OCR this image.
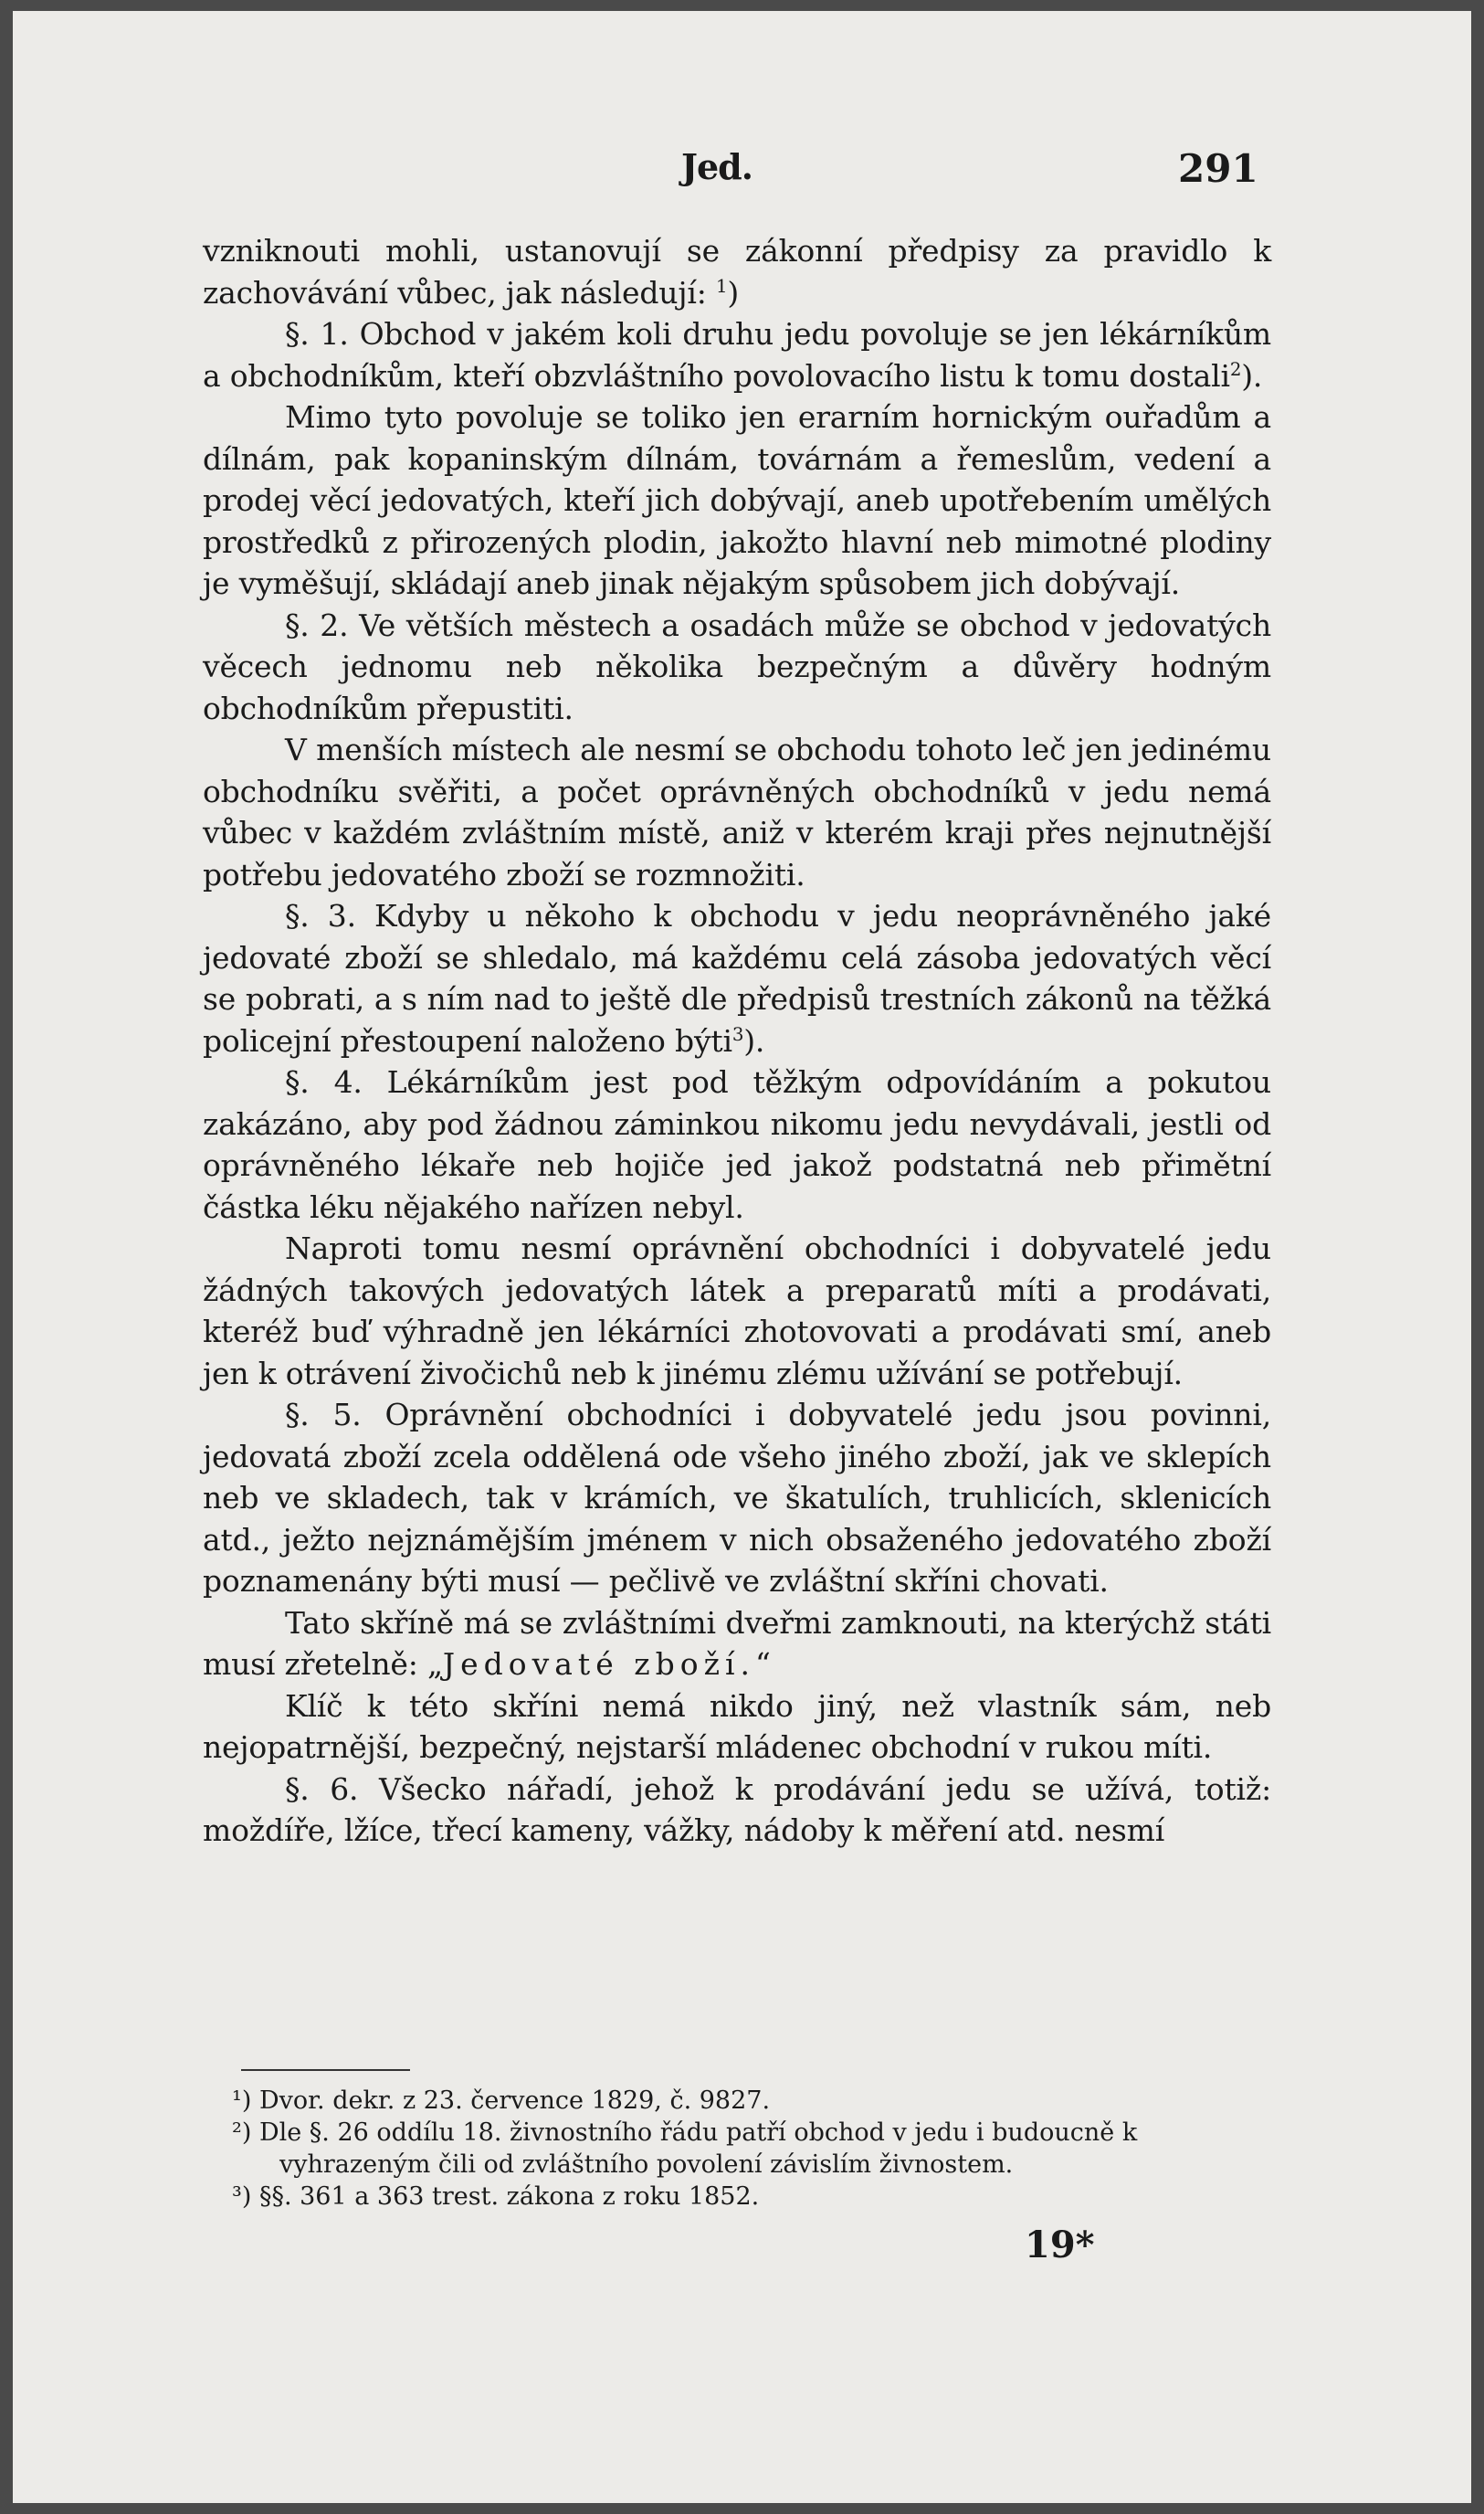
Jed.	291

vzniknouti mohli, ustanovují se zákonní předpisy za pravidlo k zachovávání vůbec, jak následují: $^1$)

§. 1. Obchod v jakém koli druhu jedu povoluje se jen lékárníkům a obchodníkům, kteří obzvláštního povolovacího listu k tomu dostali$^2$).

Mimo tyto povoluje se toliko jen erarním hornickým ouřadům a dílnám, pak kopaninským dílnám, továrnám a řemeslům, vedení a prodej věcí jedovatých, kteří jich dobývají, aneb upotřebením umělých prostředků z přirozených plodin, jakožto hlavní neb mimotné plodiny je vyměšují, skládají aneb jinak nějakým spůsobem jich dobývají.

§. 2. Ve větších městech a osadách může se obchod v jedovatých věcech jednomu neb několika bezpečným a důvěry hodným obchodníkům přepustiti.

V menších místech ale nesmí se obchodu tohoto leč jen jedinému obchodníku svěřiti, a počet oprávněných obchodníků v jedu nemá vůbec v každém zvláštním místě, aniž v kterém kraji přes nejnutnější potřebu jedovatého zboží se rozmnožiti.

§. 3. Kdyby u někoho k obchodu v jedu neoprávněného jaké jedovaté zboží se shledalo, má každému celá zásoba jedovatých věcí se pobrati, a s ním nad to ještě dle předpisů trestních zákonů na těžká policejní přestoupení naloženo býti$^3$).

§. 4. Lékárníkům jest pod těžkým odpovídáním a pokutou zakázáno, aby pod žádnou záminkou nikomu jedu nevydávali, jestli od oprávněného lékaře neb hojiče jed jakož podstatná neb přimětní částka léku nějakého nařízen nebyl.

Naproti tomu nesmí oprávnění obchodníci i dobyvatelé jedu žádných takových jedovatých látek a preparatů míti a prodávati, kteréž buď výhradně jen lékárníci zhotovovati a prodávati smí, aneb jen k otrávení živočichů neb k jinému zlému užívání se potřebují.

§. 5. Oprávnění obchodníci i dobyvatelé jedu jsou povinni, jedovatá zboží zcela oddělená ode všeho jiného zboží, jak ve sklepích neb ve skladech, tak v krámích, ve škatulích, truhlicích, sklenicích atd., ježto nejznámějším jménem v nich obsaženého jedovatého zboží poznamenány býti musí — pečlivě ve zvláštní skříni chovati.

Tato skříně má se zvláštními dveřmi zamknouti, na kterýchž státi musí zřetelně: „Jedovaté zboží.“

Klíč k této skříni nemá nikdo jiný, než vlastník sám, neb nejopatrnější, bezpečný, nejstarší mládenec obchodní v rukou míti.

§. 6. Všecko nářadí, jehož k prodávání jedu se užívá, totiž: moždíře, lžíce, třecí kameny, vážky, nádoby k měření atd. nesmí

¹) Dvor. dekr. z 23. července 1829, č. 9827.

²) Dle §. 26 oddílu 18. živnostního řádu patří obchod v jedu i budoucně k vyhrazeným čili od zvláštního povolení závislím živnostem.

³) §§. 361 a 363 trest. zákona z roku 1852.

19*
